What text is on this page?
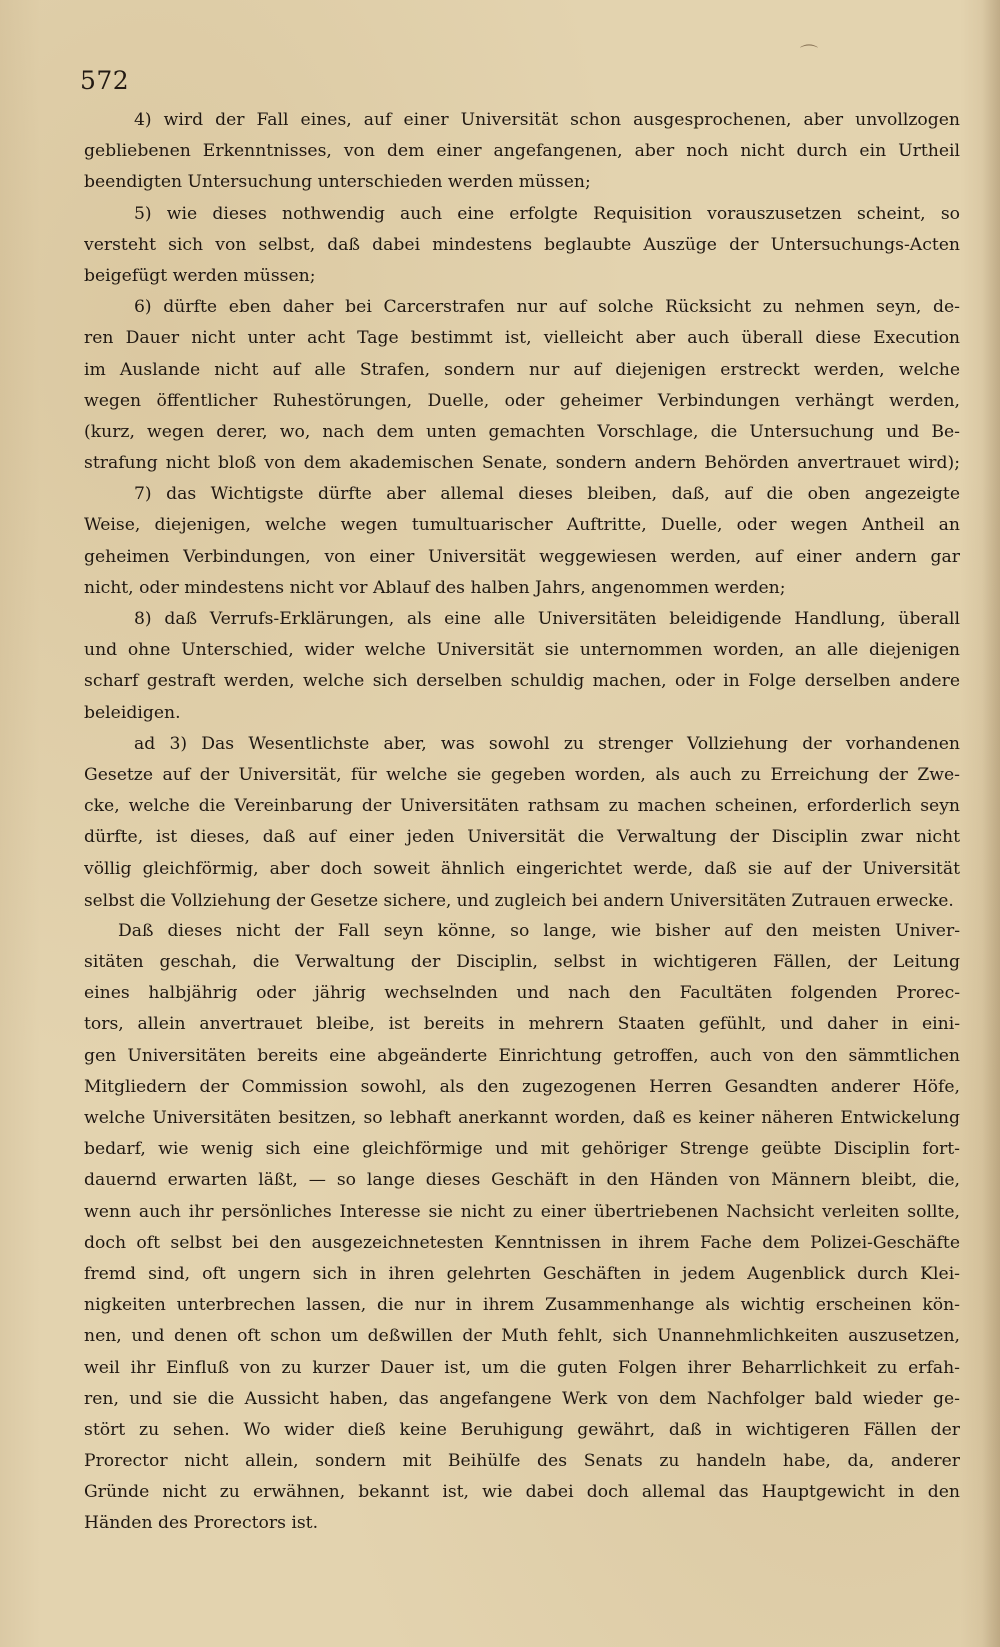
⌒
572
4) wird der Fall eines, auf einer Universität schon ausgesprochenen, aber unvollzogen
gebliebenen Erkenntnisses, von dem einer angefangenen, aber noch nicht durch ein Urtheil
beendigten Untersuchung unterschieden werden müssen;
5) wie dieses nothwendig auch eine erfolgte Requisition vorauszusetzen scheint, so
versteht sich von selbst, daß dabei mindestens beglaubte Auszüge der Untersuchungs-Acten
beigefügt werden müssen;
6) dürfte eben daher bei Carcerstrafen nur auf solche Rücksicht zu nehmen seyn, de-
ren Dauer nicht unter acht Tage bestimmt ist, vielleicht aber auch überall diese Execution
im Auslande nicht auf alle Strafen, sondern nur auf diejenigen erstreckt werden, welche
wegen öffentlicher Ruhestörungen, Duelle, oder geheimer Verbindungen verhängt werden,
(kurz, wegen derer, wo, nach dem unten gemachten Vorschlage, die Untersuchung und Be-
strafung nicht bloß von dem akademischen Senate, sondern andern Behörden anvertrauet wird);
7) das Wichtigste dürfte aber allemal dieses bleiben, daß, auf die oben angezeigte
Weise, diejenigen, welche wegen tumultuarischer Auftritte, Duelle, oder wegen Antheil an
geheimen Verbindungen, von einer Universität weggewiesen werden, auf einer andern gar
nicht, oder mindestens nicht vor Ablauf des halben Jahrs, angenommen werden;
8) daß Verrufs-Erklärungen, als eine alle Universitäten beleidigende Handlung, überall
und ohne Unterschied, wider welche Universität sie unternommen worden, an alle diejenigen
scharf gestraft werden, welche sich derselben schuldig machen, oder in Folge derselben andere
beleidigen.
ad 3) Das Wesentlichste aber, was sowohl zu strenger Vollziehung der vorhandenen
Gesetze auf der Universität, für welche sie gegeben worden, als auch zu Erreichung der Zwe-
cke, welche die Vereinbarung der Universitäten rathsam zu machen scheinen, erforderlich seyn
dürfte, ist dieses, daß auf einer jeden Universität die Verwaltung der Disciplin zwar nicht
völlig gleichförmig, aber doch soweit ähnlich eingerichtet werde, daß sie auf der Universität
selbst die Vollziehung der Gesetze sichere, und zugleich bei andern Universitäten Zutrauen erwecke.
Daß dieses nicht der Fall seyn könne, so lange, wie bisher auf den meisten Univer-
sitäten geschah, die Verwaltung der Disciplin, selbst in wichtigeren Fällen, der Leitung
eines halbjährig oder jährig wechselnden und nach den Facultäten folgenden Prorec-
tors, allein anvertrauet bleibe, ist bereits in mehrern Staaten gefühlt, und daher in eini-
gen Universitäten bereits eine abgeänderte Einrichtung getroffen, auch von den sämmtlichen
Mitgliedern der Commission sowohl, als den zugezogenen Herren Gesandten anderer Höfe,
welche Universitäten besitzen, so lebhaft anerkannt worden, daß es keiner näheren Entwickelung
bedarf, wie wenig sich eine gleichförmige und mit gehöriger Strenge geübte Disciplin fort-
dauernd erwarten läßt, — so lange dieses Geschäft in den Händen von Männern bleibt, die,
wenn auch ihr persönliches Interesse sie nicht zu einer übertriebenen Nachsicht verleiten sollte,
doch oft selbst bei den ausgezeichnetesten Kenntnissen in ihrem Fache dem Polizei-Geschäfte
fremd sind, oft ungern sich in ihren gelehrten Geschäften in jedem Augenblick durch Klei-
nigkeiten unterbrechen lassen, die nur in ihrem Zusammenhange als wichtig erscheinen kön-
nen, und denen oft schon um deßwillen der Muth fehlt, sich Unannehmlichkeiten auszusetzen,
weil ihr Einfluß von zu kurzer Dauer ist, um die guten Folgen ihrer Beharrlichkeit zu erfah-
ren, und sie die Aussicht haben, das angefangene Werk von dem Nachfolger bald wieder ge-
stört zu sehen. Wo wider dieß keine Beruhigung gewährt, daß in wichtigeren Fällen der
Prorector nicht allein, sondern mit Beihülfe des Senats zu handeln habe, da, anderer
Gründe nicht zu erwähnen, bekannt ist, wie dabei doch allemal das Hauptgewicht in den
Händen des Prorectors ist.
